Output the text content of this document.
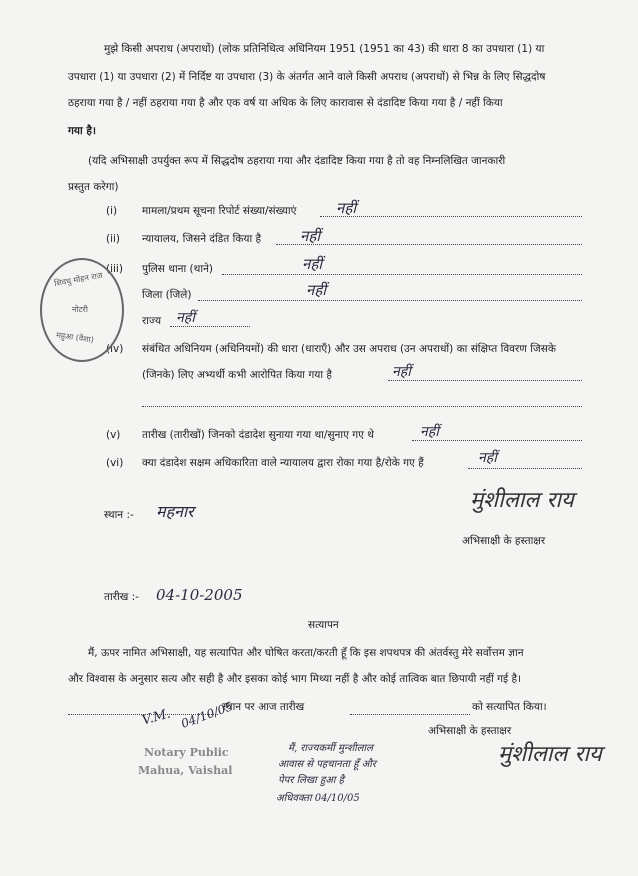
मुझे किसी अपराध (अपराधों) (लोक प्रतिनिधित्व अधिनियम 1951 (1951 का 43) की धारा 8 का उपधारा (1) या
उपधारा (1) या उपधारा (2) में निर्दिष्ट या उपधारा (3) के अंतर्गत आने वाले किसी अपराध (अपराधों) से भिन्न के लिए सिद्धदोष
ठहराया गया है / नहीं ठहराया गया है और एक वर्ष या अधिक के लिए कारावास से दंडादिष्ट किया गया है / नहीं किया
गया है।
(यदि अभिसाक्षी उपर्युक्त रूप में सिद्धदोष ठहराया गया और दंडादिष्ट किया गया है तो वह निम्नलिखित जानकारी
प्रस्तुत करेगा)
(i) मामला/प्रथम सूचना रिपोर्ट संख्या/संख्याएं	नहीं
(ii) न्यायालय, जिसने दंडित किया है	नहीं
(iii) पुलिस थाना (थाने)	नहीं
जिला (जिले)	नहीं
राज्य नहीं
(iv) संबंधित अधिनियम (अधिनियमों) की धारा (धाराएँ) और उस अपराध (उन अपराधों) का संक्षिप्त विवरण जिसके
(जिनके) लिए अभ्यर्थी कभी आरोपित किया गया है	नहीं
(v) तारीख (तारीखों) जिनको दंडादेश सुनाया गया था/सुनाए गए थे	नहीं
(vi) क्या दंडादेश सक्षम अधिकारिता वाले न्यायालय द्वारा रोका गया है/रोके गए हैं	नहीं
शिवधु मोहन राज
नोटरी
महुआ (वैशा)
स्थान :- महनार	मुंशीलाल राय
अभिसाक्षी के हस्ताक्षर
तारीख :- 04-10-2005
सत्यापन
मैं, ऊपर नामित अभिसाक्षी, यह सत्यापित और घोषित करता/करती हूँ कि इस शपथपत्र की अंतर्वस्तु मेरे सर्वोत्तम ज्ञान
और विश्वास के अनुसार सत्य और सही है और इसका कोई भाग मिथ्या नहीं है और कोई तात्विक बात छिपायी नहीं गई है।
स्थान पर आज तारीख	को सत्यापित किया।
अभिसाक्षी के हस्ताक्षर
मैं, राज्यकर्मी मुन्शीलाल
आवास से पहचानता हूँ और
पेपर लिखा हुआ है
अधिवक्ता 04/10/05
मुंशीलाल राय
V.M. 04/10/05
Notary Public
Mahua, Vaishal
